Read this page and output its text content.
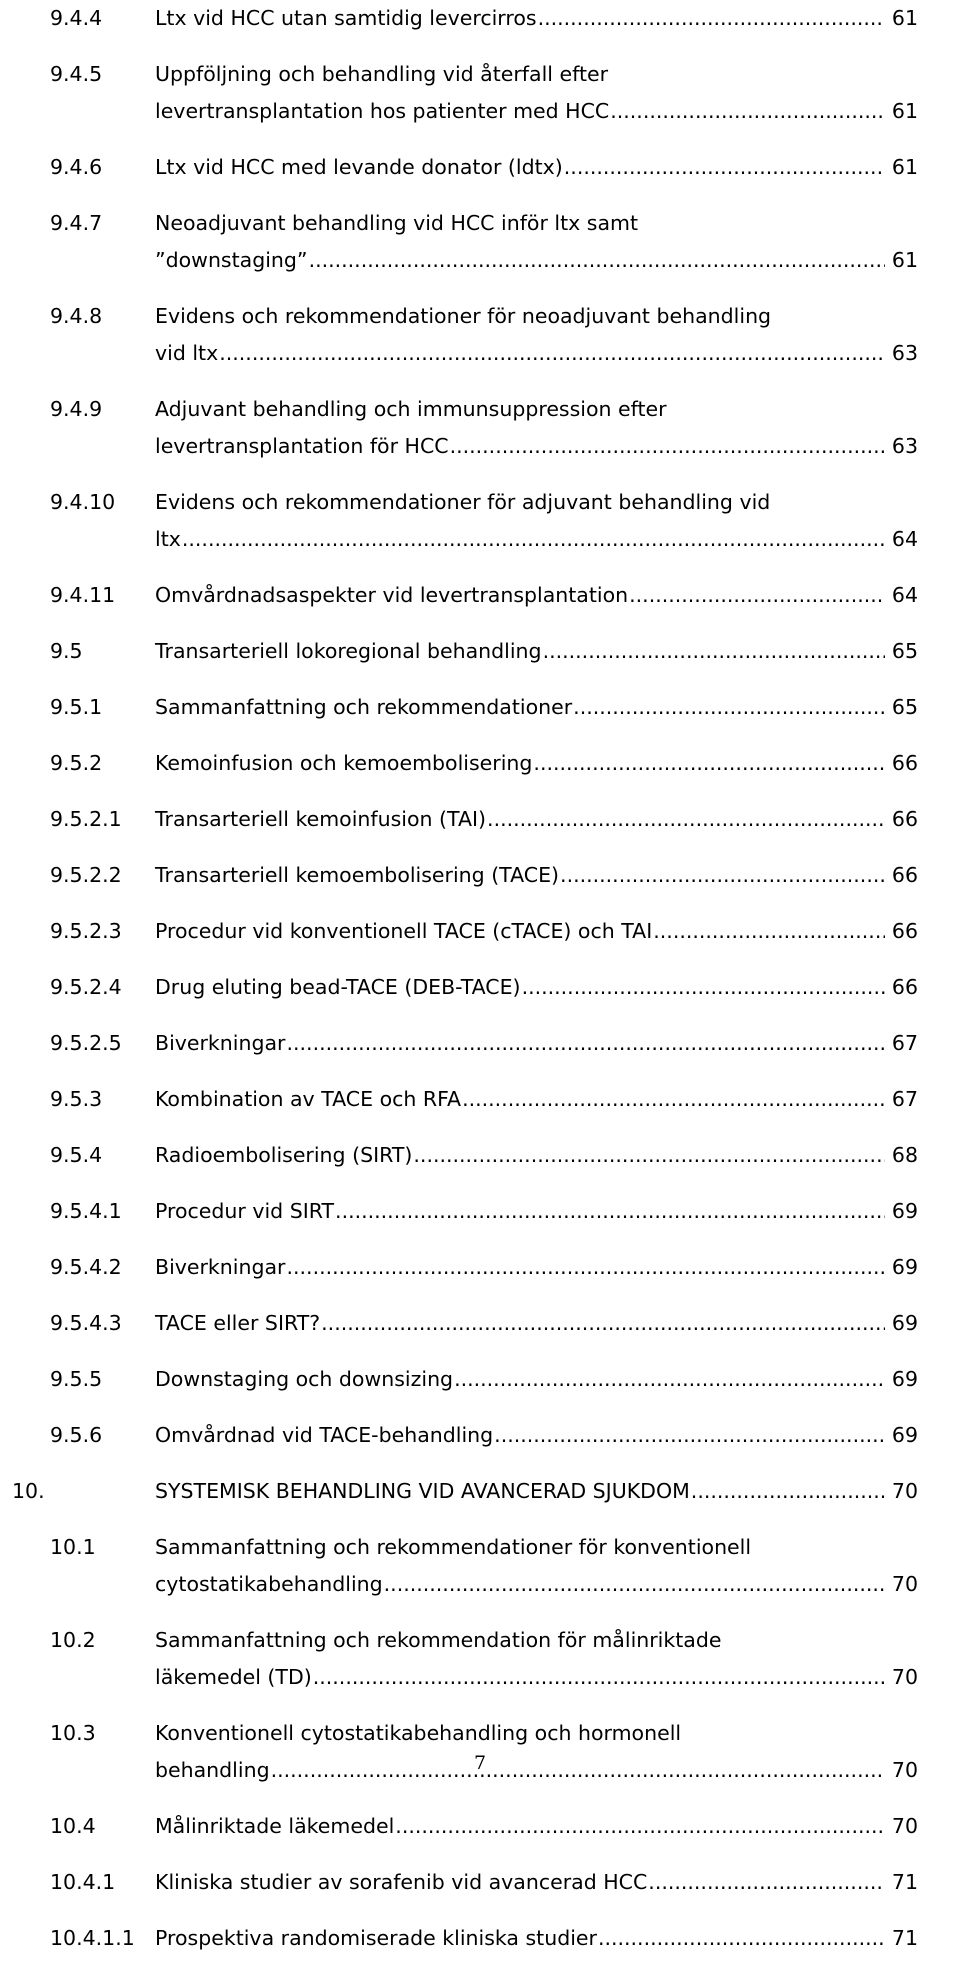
9.4.4	Ltx vid HCC utan samtidig levercirros .....	61
9.4.5	Uppföljning och behandling vid återfall efter
levertransplantation hos patienter med HCC .....	61
9.4.6	Ltx vid HCC med levande donator (ldtx) .....	61
9.4.7	Neoadjuvant behandling vid HCC inför ltx samt
”downstaging” .....	61
9.4.8	Evidens och rekommendationer för neoadjuvant behandling
vid ltx .....	63
9.4.9	Adjuvant behandling och immunsuppression efter
levertransplantation för HCC .....	63
9.4.10 Evidens och rekommendationer för adjuvant behandling vid
ltx .....	64
9.4.11 Omvårdnadsaspekter vid levertransplantation .....	64
9.5	Transarteriell lokoregional behandling .....	65
9.5.1	Sammanfattning och rekommendationer .....	65
9.5.2	Kemoinfusion och kemoembolisering .....	66
9.5.2.1 Transarteriell kemoinfusion (TAI) .....	66
9.5.2.2 Transarteriell kemoembolisering (TACE) .....	66
9.5.2.3 Procedur vid konventionell TACE (cTACE) och TAI .....	66
9.5.2.4 Drug eluting bead-TACE (DEB-TACE) .....	66
9.5.2.5 Biverkningar .....	67
9.5.3	Kombination av TACE och RFA .....	67
9.5.4	Radioembolisering (SIRT) .....	68
9.5.4.1 Procedur vid SIRT .....	69
9.5.4.2 Biverkningar .....	69
9.5.4.3 TACE eller SIRT? .....	69
9.5.5	Downstaging och downsizing .....	69
9.5.6	Omvårdnad vid TACE-behandling .....	69
10.	SYSTEMISK BEHANDLING VID AVANCERAD SJUKDOM .....	70
10.1	Sammanfattning och rekommendationer för konventionell
cytostatikabehandling .....	70
10.2	Sammanfattning och rekommendation för målinriktade
läkemedel (TD) .....	70
10.3	Konventionell cytostatikabehandling och hormonell
behandling .....	70
10.4	Målinriktade läkemedel .....	70
10.4.1 Kliniska studier av sorafenib vid avancerad HCC .....	71
10.4.1.1 Prospektiva randomiserade kliniska studier .....	71
7
